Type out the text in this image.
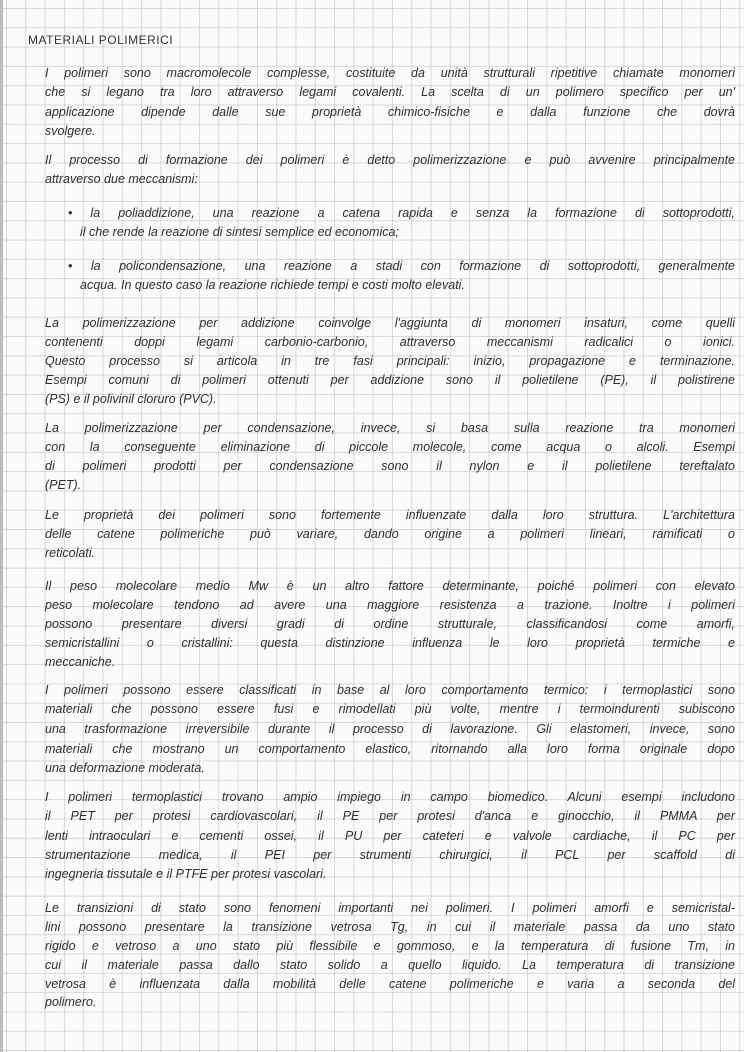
MATERIALI POLIMERICI
I polimeri sono macromolecole complesse, costituite da unità strutturali ripetitive chiamate monomeri
che si legano tra loro attraverso legami covalenti. La scelta di un polimero specifico per un'
applicazione dipende dalle sue proprietà chimico-fisiche e dalla funzione che dovrà
svolgere.
Il processo di formazione dei polimeri è detto polimerizzazione e può avvenire principalmente
attraverso due meccanismi:
• la poliaddizione, una reazione a catena rapida e senza la formazione di sottoprodotti,
il che rende la reazione di sintesi semplice ed economica;
• la policondensazione, una reazione a stadi con formazione di sottoprodotti, generalmente
acqua. In questo caso la reazione richiede tempi e costi molto elevati.
La polimerizzazione per addizione coinvolge l'aggiunta di monomeri insaturi, come quelli
contenenti doppi legami carbonio-carbonio, attraverso meccanismi radicalici o ionici.
Questo processo si articola in tre fasi principali: inizio, propagazione e terminazione.
Esempi comuni di polimeri ottenuti per addizione sono il polietilene (PE), il polistirene
(PS) e il polivinil cloruro (PVC).
La polimerizzazione per condensazione, invece, si basa sulla reazione tra monomeri
con la conseguente eliminazione di piccole molecole, come acqua o alcoli. Esempi
di polimeri prodotti per condensazione sono il nylon e il polietilene tereftalato
(PET).
Le proprietà dei polimeri sono fortemente influenzate dalla loro struttura. L'architettura
delle catene polimeriche può variare, dando origine a polimeri lineari, ramificati o
reticolati.
Il peso molecolare medio Mw è un altro fattore determinante, poiché polimeri con elevato
peso molecolare tendono ad avere una maggiore resistenza a trazione. Inoltre i polimeri
possono presentare diversi gradi di ordine strutturale, classificandosi come amorfi,
semicristallini o cristallini: questa distinzione influenza le loro proprietà termiche e
meccaniche.
I polimeri possono essere classificati in base al loro comportamento termico: i termoplastici sono
materiali che possono essere fusi e rimodellati più volte, mentre i termoindurenti subiscono
una trasformazione irreversibile durante il processo di lavorazione. Gli elastomeri, invece, sono
materiali che mostrano un comportamento elastico, ritornando alla loro forma originale dopo
una deformazione moderata.
I polimeri termoplastici trovano ampio impiego in campo biomedico. Alcuni esempi includono
il PET per protesi cardiovascolari, il PE per protesi d'anca e ginocchio, il PMMA per
lenti intraoculari e cementi ossei, il PU per cateteri e valvole cardiache, il PC per
strumentazione medica, il PEI per strumenti chirurgici, il PCL per scaffold di
ingegneria tissutale e il PTFE per protesi vascolari.
Le transizioni di stato sono fenomeni importanti nei polimeri. I polimeri amorfi e semicristal-
lini possono presentare la transizione vetrosa Tg, in cui il materiale passa da uno stato
rigido e vetroso a uno stato più flessibile e gommoso, e la temperatura di fusione Tm, in
cui il materiale passa dallo stato solido a quello liquido. La temperatura di transizione
vetrosa è influenzata dalla mobilità delle catene polimeriche e varia a seconda del
polimero.
